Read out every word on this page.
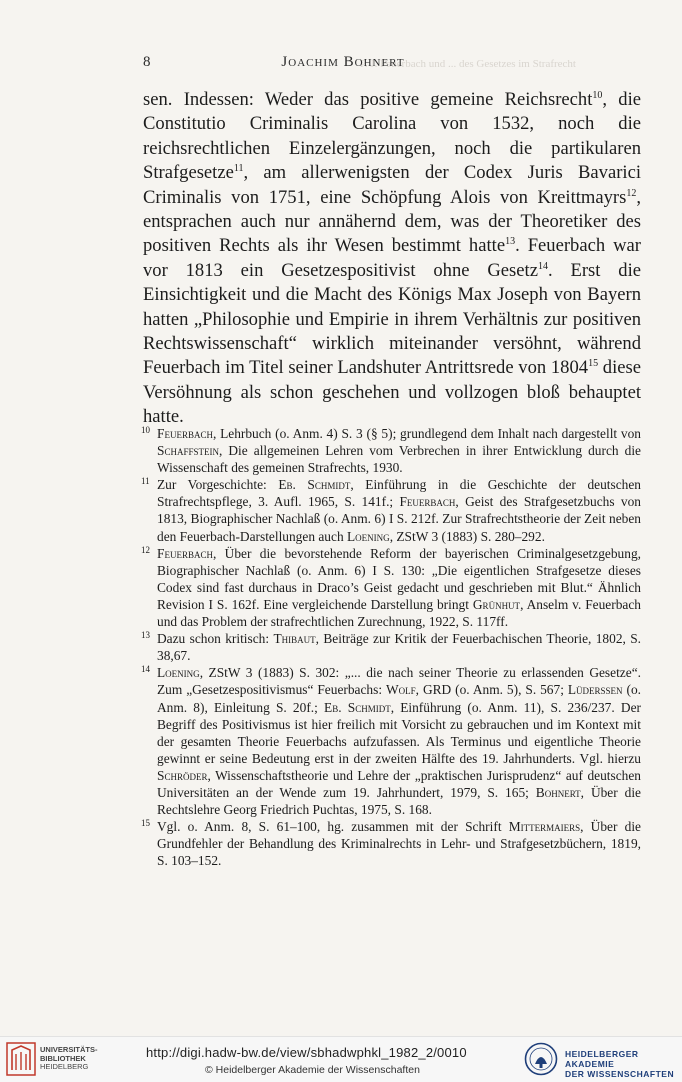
P. J. Feuerbach und ... des Gesetzes im Strafrecht
8	Joachim Bohnert

sen. Indessen: Weder das positive gemeine Reichsrecht$^{10}$, die Constitutio Criminalis Carolina von 1532, noch die reichsrechtlichen Einzelergänzungen, noch die partikularen Strafgesetze$^{11}$, am allerwenigsten der Codex Juris Bavarici Criminalis von 1751, eine Schöpfung Alois von Kreittmayrs$^{12}$, entsprachen auch nur annähernd dem, was der Theoretiker des positiven Rechts als ihr Wesen bestimmt hatte$^{13}$. Feuerbach war vor 1813 ein Gesetzespositivist ohne Gesetz$^{14}$. Erst die Einsichtigkeit und die Macht des Königs Max Joseph von Bayern hatten „Philosophie und Empirie in ihrem Verhältnis zur positiven Rechtswissenschaft“ wirklich miteinander versöhnt, während Feuerbach im Titel seiner Landshuter Antrittsrede von 1804$^{15}$ diese Versöhnung als schon geschehen und vollzogen bloß behauptet hatte.

10 Feuerbach, Lehrbuch (o. Anm. 4) S. 3 (§ 5); grundlegend dem Inhalt nach dargestellt von Schaffstein, Die allgemeinen Lehren vom Verbrechen in ihrer Entwicklung durch die Wissenschaft des gemeinen Strafrechts, 1930.
11 Zur Vorgeschichte: Eb. Schmidt, Einführung in die Geschichte der deutschen Strafrechtspflege, 3. Aufl. 1965, S. 141f.; Feuerbach, Geist des Strafgesetzbuchs von 1813, Biographischer Nachlaß (o. Anm. 6) I S. 212f. Zur Strafrechtstheorie der Zeit neben den Feuerbach-Darstellungen auch Loening, ZStW 3 (1883) S. 280–292.
12 Feuerbach, Über die bevorstehende Reform der bayerischen Criminalgesetzgebung, Biographischer Nachlaß (o. Anm. 6) I S. 130: „Die eigentlichen Strafgesetze dieses Codex sind fast durchaus in Draco’s Geist gedacht und geschrieben mit Blut.“ Ähnlich Revision I S. 162f. Eine vergleichende Darstellung bringt Grünhut, Anselm v. Feuerbach und das Problem der strafrechtlichen Zurechnung, 1922, S. 117ff.
13 Dazu schon kritisch: Thibaut, Beiträge zur Kritik der Feuerbachischen Theorie, 1802, S. 38,67.
14 Loening, ZStW 3 (1883) S. 302: „... die nach seiner Theorie zu erlassenden Gesetze“. Zum „Gesetzespositivismus“ Feuerbachs: Wolf, GRD (o. Anm. 5), S. 567; Lüderssen (o. Anm. 8), Einleitung S. 20f.; Eb. Schmidt, Einführung (o. Anm. 11), S. 236/237. Der Begriff des Positivismus ist hier freilich mit Vorsicht zu gebrauchen und im Kontext mit der gesamten Theorie Feuerbachs aufzufassen. Als Terminus und eigentliche Theorie gewinnt er seine Bedeutung erst in der zweiten Hälfte des 19. Jahrhunderts. Vgl. hierzu Schröder, Wissenschaftstheorie und Lehre der „praktischen Jurisprudenz“ auf deutschen Universitäten an der Wende zum 19. Jahrhundert, 1979, S. 165; Bohnert, Über die Rechtslehre Georg Friedrich Puchtas, 1975, S. 168.
15 Vgl. o. Anm. 8, S. 61–100, hg. zusammen mit der Schrift Mittermaiers, Über die Grundfehler der Behandlung des Kriminalrechts in Lehr- und Strafgesetzbüchern, 1819, S. 103–152.
UNIVERSITÄTS-
BIBLIOTHEK
HEIDELBERG
http://digi.hadw-bw.de/view/sbhadwphkl_1982_2/0010
© Heidelberger Akademie der Wissenschaften
HEIDELBERGER AKADEMIE
DER WISSENSCHAFTEN
